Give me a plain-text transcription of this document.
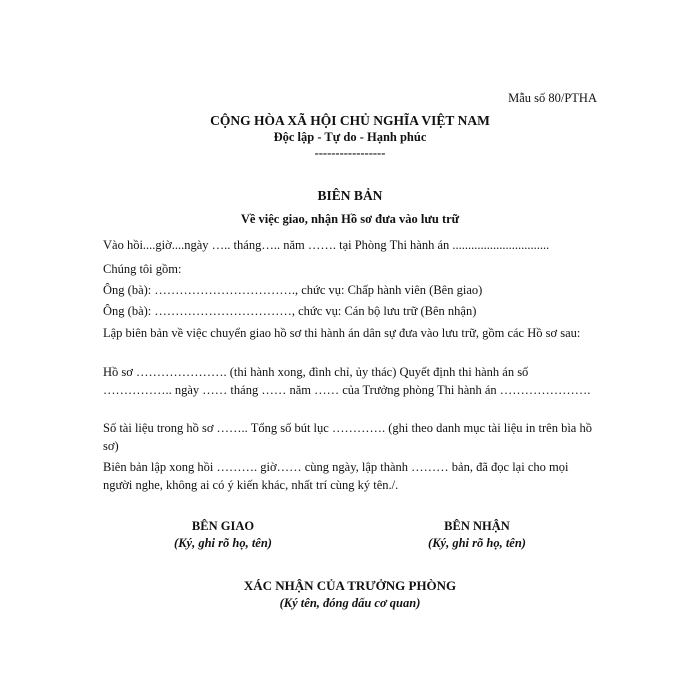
Mẫu số 80/PTHA
CỘNG HÒA XÃ HỘI CHỦ NGHĨA VIỆT NAM
Độc lập - Tự do - Hạnh phúc
-----------------
BIÊN BẢN
Về việc giao, nhận Hồ sơ đưa vào lưu trữ
Vào hồi....giờ....ngày ….. tháng….. năm ……. tại Phòng Thi hành án ...............................
Chúng tôi gồm:
Ông (bà): ……………………………., chức vụ: Chấp hành viên (Bên giao)
Ông (bà): ……………………………, chức vụ: Cán bộ lưu trữ (Bên nhận)
Lập biên bản về việc chuyển giao hồ sơ thi hành án dân sự đưa vào lưu trữ, gồm các Hồ sơ sau:
Hồ sơ …………………. (thi hành xong, đình chỉ, ủy thác) Quyết định thi hành án số …………….. ngày …… tháng …… năm …… của Trưởng phòng Thi hành án ………………….
Số tài liệu trong hồ sơ …….. Tổng số bút lục …………. (ghi theo danh mục tài liệu in trên bìa hồ sơ)
Biên bản lập xong hồi ………. giờ…… cùng ngày, lập thành ……… bản, đã đọc lại cho mọi người nghe, không ai có ý kiến khác, nhất trí cùng ký tên./.
BÊN GIAO
(Ký, ghi rõ họ, tên)
BÊN NHẬN
(Ký, ghi rõ họ, tên)
XÁC NHẬN CỦA TRƯỞNG PHÒNG
(Ký tên, đóng dấu cơ quan)
